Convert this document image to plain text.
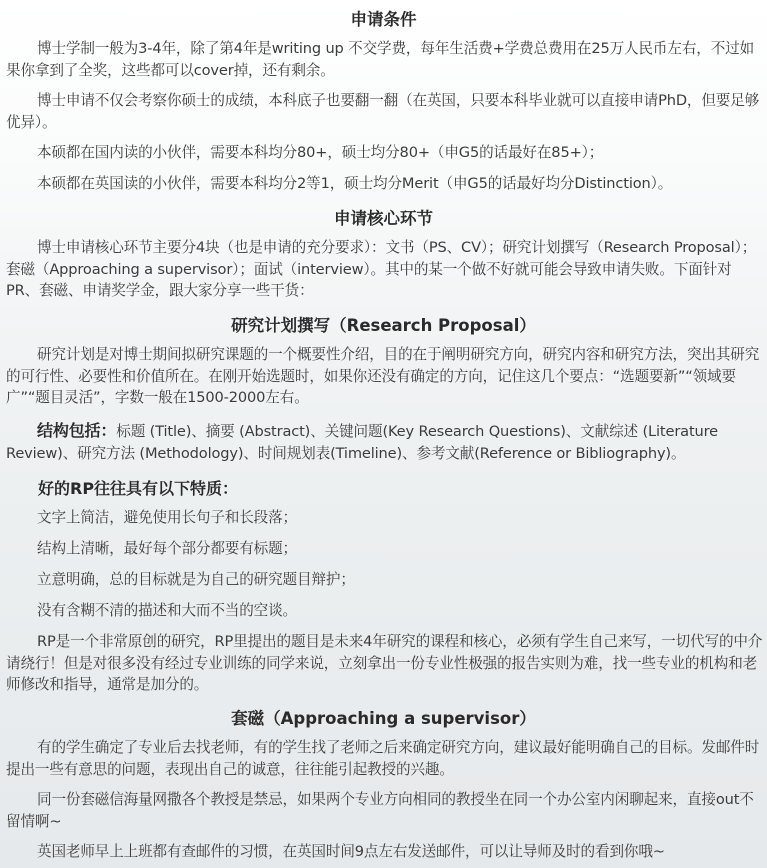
申请条件
博士学制一般为3-4年，除了第4年是writing up 不交学费，每年生活费+学费总费用在25万人民币左右，不过如果你拿到了全奖，这些都可以cover掉，还有剩余。
博士申请不仅会考察你硕士的成绩，本科底子也要翻一翻（在英国，只要本科毕业就可以直接申请PhD，但要足够优异）。
本硕都在国内读的小伙伴，需要本科均分80+，硕士均分80+（申G5的话最好在85+）；
本硕都在英国读的小伙伴，需要本科均分2等1，硕士均分Merit（申G5的话最好均分Distinction）。
申请核心环节
博士申请核心环节主要分4块（也是申请的充分要求）：文书（PS、CV）；研究计划撰写（Research Proposal）；套磁（Approaching a supervisor）；面试（interview）。其中的某一个做不好就可能会导致申请失败。下面针对PR、套磁、申请奖学金，跟大家分享一些干货：
研究计划撰写（Research Proposal）
研究计划是对博士期间拟研究课题的一个概要性介绍，目的在于阐明研究方向，研究内容和研究方法，突出其研究的可行性、必要性和价值所在。在刚开始选题时，如果你还没有确定的方向，记住这几个要点：“选题要新”“领域要广”“题目灵活”，字数一般在1500-2000左右。
结构包括：标题 (Title)、摘要 (Abstract)、关键问题(Key Research Questions)、文献综述 (Literature Review)、研究方法 (Methodology)、时间规划表(Timeline)、参考文献(Reference or Bibliography)。
好的RP往往具有以下特质：
文字上简洁，避免使用长句子和长段落；
结构上清晰，最好每个部分都要有标题；
立意明确，总的目标就是为自己的研究题目辩护；
没有含糊不清的描述和大而不当的空谈。
RP是一个非常原创的研究，RP里提出的题目是未来4年研究的课程和核心，必须有学生自己来写，一切代写的中介请绕行！但是对很多没有经过专业训练的同学来说，立刻拿出一份专业性极强的报告实则为难，找一些专业的机构和老师修改和指导，通常是加分的。
套磁（Approaching a supervisor）
有的学生确定了专业后去找老师，有的学生找了老师之后来确定研究方向，建议最好能明确自己的目标。发邮件时提出一些有意思的问题，表现出自己的诚意，往往能引起教授的兴趣。
同一份套磁信海量网撒各个教授是禁忌，如果两个专业方向相同的教授坐在同一个办公室内闲聊起来，直接out不留情啊~
英国老师早上上班都有查邮件的习惯，在英国时间9点左右发送邮件，可以让导师及时的看到你哦~
